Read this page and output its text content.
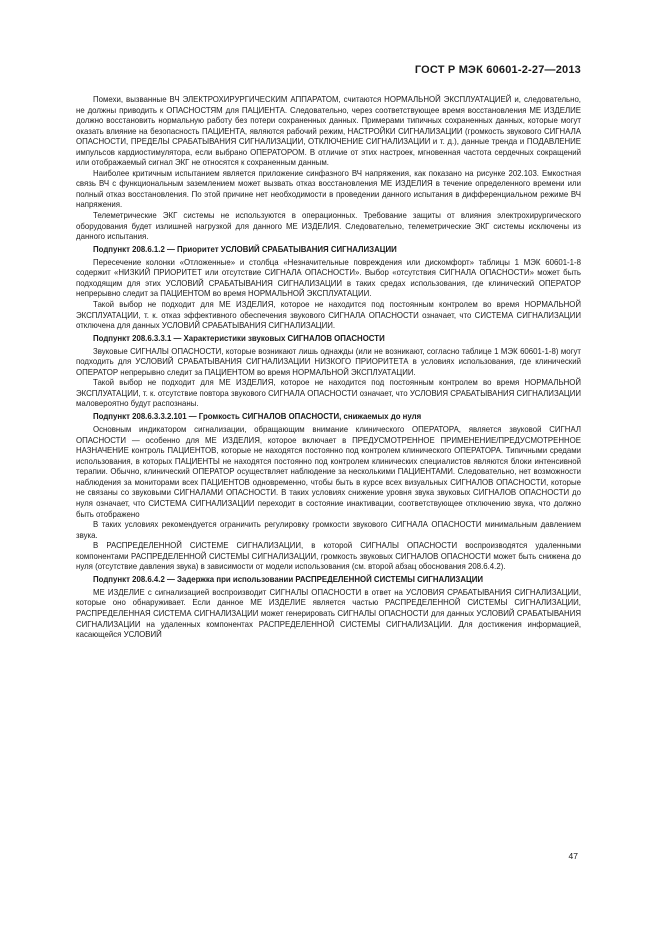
ГОСТ Р МЭК 60601-2-27—2013

Помехи, вызванные ВЧ ЭЛЕКТРОХИРУРГИЧЕСКИМ АППАРАТОМ, считаются НОРМАЛЬНОЙ ЭКСПЛУАТАЦИЕЙ и, следовательно, не должны приводить к ОПАСНОСТЯМ для ПАЦИЕНТА. Следовательно, через соответствующее время восстановления МЕ ИЗДЕЛИЕ должно восстановить нормальную работу без потери сохраненных данных. Примерами типичных сохраненных данных, которые могут оказать влияние на безопасность ПАЦИЕНТА, являются рабочий режим, НАСТРОЙКИ СИГНАЛИЗАЦИИ (громкость звукового СИГНАЛА ОПАСНОСТИ, ПРЕДЕЛЫ СРАБАТЫВАНИЯ СИГНАЛИЗАЦИИ, ОТКЛЮЧЕНИЕ СИГНАЛИЗАЦИИ и т. д.), данные тренда и ПОДАВЛЕНИЕ импульсов кардиостимулятора, если выбрано ОПЕРАТОРОМ. В отличие от этих настроек, мгновенная частота сердечных сокращений или отображаемый сигнал ЭКГ не относятся к сохраненным данным.

Наиболее критичным испытанием является приложение синфазного ВЧ напряжения, как показано на рисунке 202.103. Емкостная связь ВЧ с функциональным заземлением может вызвать отказ восстановления МЕ ИЗДЕЛИЯ в течение определенного времени или полный отказ восстановления. По этой причине нет необходимости в проведении данного испытания в дифференциальном режиме ВЧ напряжения.

Телеметрические ЭКГ системы не используются в операционных. Требование защиты от влияния электрохирургического оборудования будет излишней нагрузкой для данного МЕ ИЗДЕЛИЯ. Следовательно, телеметрические ЭКГ системы исключены из данного испытания.

Подпункт 208.6.1.2 — Приоритет УСЛОВИЙ СРАБАТЫВАНИЯ СИГНАЛИЗАЦИИ

Пересечение колонки «Отложенные» и столбца «Незначительные повреждения или дискомфорт» таблицы 1 МЭК 60601-1-8 содержит «НИЗКИЙ ПРИОРИТЕТ или отсутствие СИГНАЛА ОПАСНОСТИ». Выбор «отсутствия СИГНАЛА ОПАСНОСТИ» может быть подходящим для этих УСЛОВИЙ СРАБАТЫВАНИЯ СИГНАЛИЗАЦИИ в таких средах использования, где клинический ОПЕРАТОР непрерывно следит за ПАЦИЕНТОМ во время НОРМАЛЬНОЙ ЭКСПЛУАТАЦИИ.

Такой выбор не подходит для МЕ ИЗДЕЛИЯ, которое не находится под постоянным контролем во время НОРМАЛЬНОЙ ЭКСПЛУАТАЦИИ, т. к. отказ эффективного обеспечения звукового СИГНАЛА ОПАСНОСТИ означает, что СИСТЕМА СИГНАЛИЗАЦИИ отключена для данных УСЛОВИЙ СРАБАТЫВАНИЯ СИГНАЛИЗАЦИИ.

Подпункт 208.6.3.3.1 — Характеристики звуковых СИГНАЛОВ ОПАСНОСТИ

Звуковые СИГНАЛЫ ОПАСНОСТИ, которые возникают лишь однажды (или не возникают, согласно таблице 1 МЭК 60601-1-8) могут подходить для УСЛОВИЙ СРАБАТЫВАНИЯ СИГНАЛИЗАЦИИ НИЗКОГО ПРИОРИТЕТА в условиях использования, где клинический ОПЕРАТОР непрерывно следит за ПАЦИЕНТОМ во время НОРМАЛЬНОЙ ЭКСПЛУАТАЦИИ.

Такой выбор не подходит для МЕ ИЗДЕЛИЯ, которое не находится под постоянным контролем во время НОРМАЛЬНОЙ ЭКСПЛУАТАЦИИ, т. к. отсутствие повтора звукового СИГНАЛА ОПАСНОСТИ означает, что УСЛОВИЯ СРАБАТЫВАНИЯ СИГНАЛИЗАЦИИ маловероятно будут распознаны.

Подпункт 208.6.3.3.2.101 — Громкость СИГНАЛОВ ОПАСНОСТИ, снижаемых до нуля

Основным индикатором сигнализации, обращающим внимание клинического ОПЕРАТОРА, является звуковой СИГНАЛ ОПАСНОСТИ — особенно для МЕ ИЗДЕЛИЯ, которое включает в ПРЕДУСМОТРЕННОЕ ПРИМЕНЕНИЕ/ПРЕДУСМОТРЕННОЕ НАЗНАЧЕНИЕ контроль ПАЦИЕНТОВ, которые не находятся постоянно под контролем клинического ОПЕРАТОРА. Типичными средами использования, в которых ПАЦИЕНТЫ не находятся постоянно под контролем клинических специалистов являются блоки интенсивной терапии. Обычно, клинический ОПЕРАТОР осуществляет наблюдение за несколькими ПАЦИЕНТАМИ. Следовательно, нет возможности наблюдения за мониторами всех ПАЦИЕНТОВ одновременно, чтобы быть в курсе всех визуальных СИГНАЛОВ ОПАСНОСТИ, которые не связаны со звуковыми СИГНАЛАМИ ОПАСНОСТИ. В таких условиях снижение уровня звука звуковых СИГНАЛОВ ОПАСНОСТИ до нуля означает, что СИСТЕМА СИГНАЛИЗАЦИИ переходит в состояние инактивации, соответствующее отключению звука, что должно быть отображено

В таких условиях рекомендуется ограничить регулировку громкости звукового СИГНАЛА ОПАСНОСТИ минимальным давлением звука.

В РАСПРЕДЕЛЕННОЙ СИСТЕМЕ СИГНАЛИЗАЦИИ, в которой СИГНАЛЫ ОПАСНОСТИ воспроизводятся удаленными компонентами РАСПРЕДЕЛЕННОЙ СИСТЕМЫ СИГНАЛИЗАЦИИ, громкость звуковых СИГНАЛОВ ОПАСНОСТИ может быть снижена до нуля (отсутствие давления звука) в зависимости от модели использования (см. второй абзац обоснования 208.6.4.2).

Подпункт 208.6.4.2 — Задержка при использовании РАСПРЕДЕЛЕННОЙ СИСТЕМЫ СИГНАЛИЗАЦИИ

МЕ ИЗДЕЛИЕ с сигнализацией воспроизводит СИГНАЛЫ ОПАСНОСТИ в ответ на УСЛОВИЯ СРАБАТЫВАНИЯ СИГНАЛИЗАЦИИ, которые оно обнаруживает. Если данное МЕ ИЗДЕЛИЕ является частью РАСПРЕДЕЛЕННОЙ СИСТЕМЫ СИГНАЛИЗАЦИИ, РАСПРЕДЕЛЕННАЯ СИСТЕМА СИГНАЛИЗАЦИИ может генерировать СИГНАЛЫ ОПАСНОСТИ для данных УСЛОВИЙ СРАБАТЫВАНИЯ СИГНАЛИЗАЦИИ на удаленных компонентах РАСПРЕДЕЛЕННОЙ СИСТЕМЫ СИГНАЛИЗАЦИИ. Для достижения информацией, касающейся УСЛОВИЙ

47
